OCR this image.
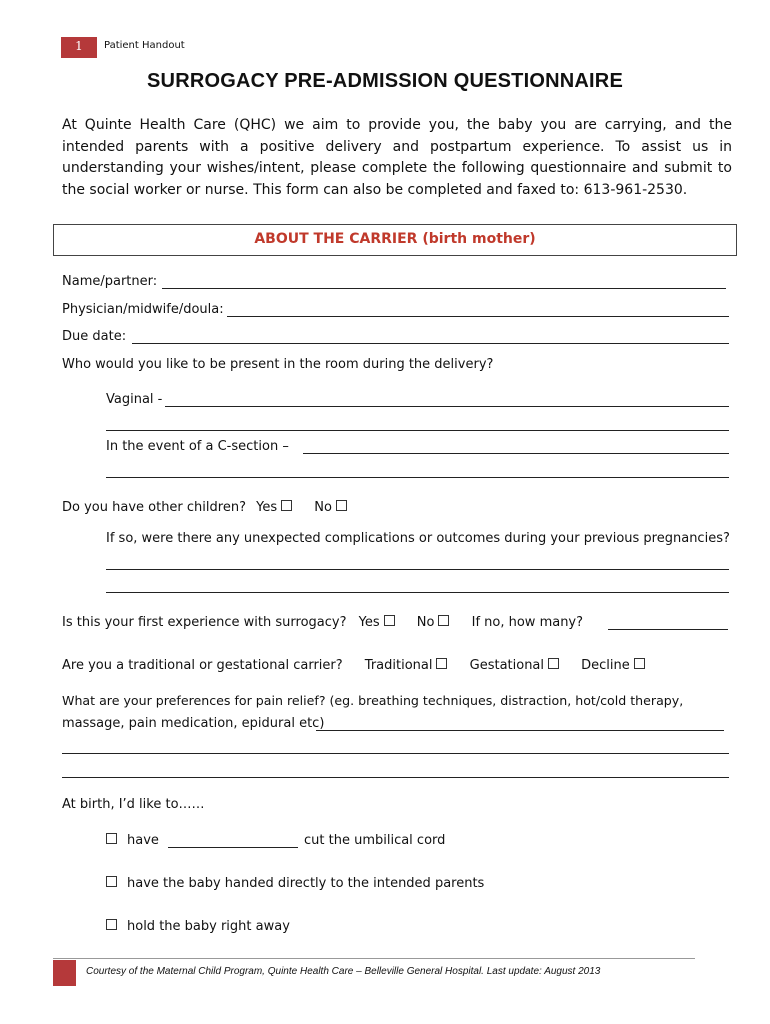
1	Patient Handout
SURROGACY PRE-ADMISSION QUESTIONNAIRE
At Quinte Health Care (QHC) we aim to provide you, the baby you are carrying, and the intended parents with a positive delivery and postpartum experience. To assist us in understanding your wishes/intent, please complete the following questionnaire and submit to the social worker or nurse. This form can also be completed and faxed to: 613-961-2530.
ABOUT THE CARRIER (birth mother)
Name/partner:
Physician/midwife/doula:
Due date:
Who would you like to be present in the room during the delivery?
Vaginal -
In the event of a C-section –
Do you have other children? Yes	No
If so, were there any unexpected complications or outcomes during your previous pregnancies?
Is this your first experience with surrogacy? Yes	No	If no, how many?
Are you a traditional or gestational carrier? Traditional	Gestational	Decline
What are your preferences for pain relief? (eg. breathing techniques, distraction, hot/cold therapy,
massage, pain medication, epidural etc)
At birth, I’d like to……
have	cut the umbilical cord
have the baby handed directly to the intended parents
hold the baby right away
Courtesy of the Maternal Child Program, Quinte Health Care – Belleville General Hospital. Last update: August 2013
